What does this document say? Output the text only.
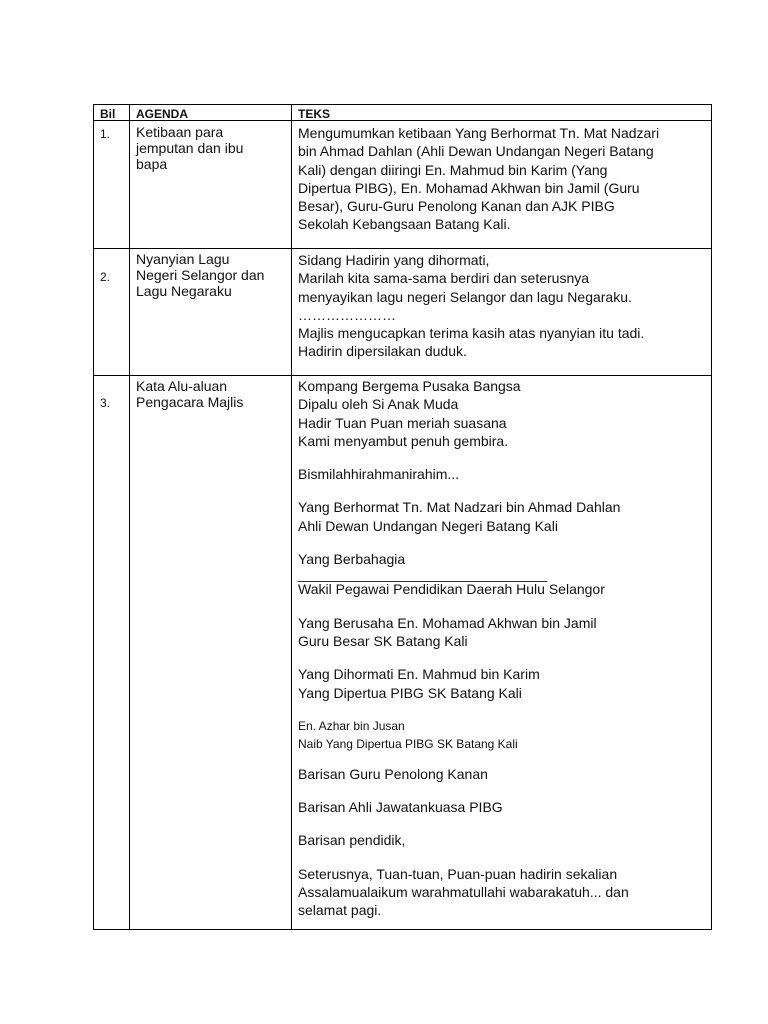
Bil AGENDA	TEKS
1. Ketibaan para
jemputan dan ibu
bapa
Mengumumkan ketibaan Yang Berhormat Tn. Mat Nadzari
bin Ahmad Dahlan (Ahli Dewan Undangan Negeri Batang
Kali) dengan diiringi En. Mahmud bin Karim (Yang
Dipertua PIBG), En. Mohamad Akhwan bin Jamil (Guru
Besar), Guru-Guru Penolong Kanan dan AJK PIBG
Sekolah Kebangsaan Batang Kali.
2.
Nyanyian Lagu
Negeri Selangor dan
Lagu Negaraku
Sidang Hadirin yang dihormati,
Marilah kita sama-sama berdiri dan seterusnya
menyayikan lagu negeri Selangor dan lagu Negaraku.
…………………
Majlis mengucapkan terima kasih atas nyanyian itu tadi.
Hadirin dipersilakan duduk.
3.
Kata Alu-aluan
Pengacara Majlis
Kompang Bergema Pusaka Bangsa
Dipalu oleh Si Anak Muda
Hadir Tuan Puan meriah suasana
Kami menyambut penuh gembira.
Bismilahhirahmanirahim...
Yang Berhormat Tn. Mat Nadzari bin Ahmad Dahlan
Ahli Dewan Undangan Negeri Batang Kali
Yang Berbahagia
________________________________
Wakil Pegawai Pendidikan Daerah Hulu Selangor
Yang Berusaha En. Mohamad Akhwan bin Jamil
Guru Besar SK Batang Kali
Yang Dihormati En. Mahmud bin Karim
Yang Dipertua PIBG SK Batang Kali
En. Azhar bin Jusan
Naib Yang Dipertua PIBG SK Batang Kali
Barisan Guru Penolong Kanan
Barisan Ahli Jawatankuasa PIBG
Barisan pendidik,
Seterusnya, Tuan-tuan, Puan-puan hadirin sekalian
Assalamualaikum warahmatullahi wabarakatuh... dan
selamat pagi.
